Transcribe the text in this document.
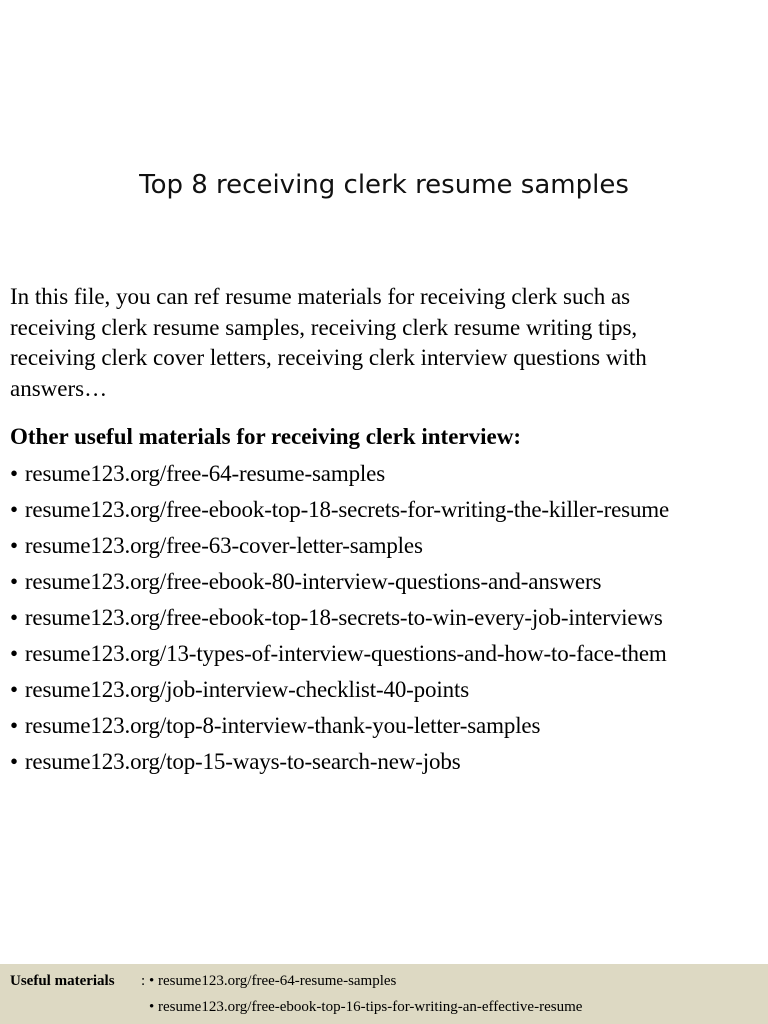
Top 8 receiving clerk resume samples

In this file, you can ref resume materials for receiving clerk such as
receiving clerk resume samples, receiving clerk resume writing tips,
receiving clerk cover letters, receiving clerk interview questions with
answers…

Other useful materials for receiving clerk interview:
• resume123.org/free-64-resume-samples
• resume123.org/free-ebook-top-18-secrets-for-writing-the-killer-resume
• resume123.org/free-63-cover-letter-samples
• resume123.org/free-ebook-80-interview-questions-and-answers
• resume123.org/free-ebook-top-18-secrets-to-win-every-job-interviews
• resume123.org/13-types-of-interview-questions-and-how-to-face-them
• resume123.org/job-interview-checklist-40-points
• resume123.org/top-8-interview-thank-you-letter-samples
• resume123.org/top-15-ways-to-search-new-jobs
Useful materials : • resume123.org/free-64-resume-samples
• resume123.org/free-ebook-top-16-tips-for-writing-an-effective-resume
